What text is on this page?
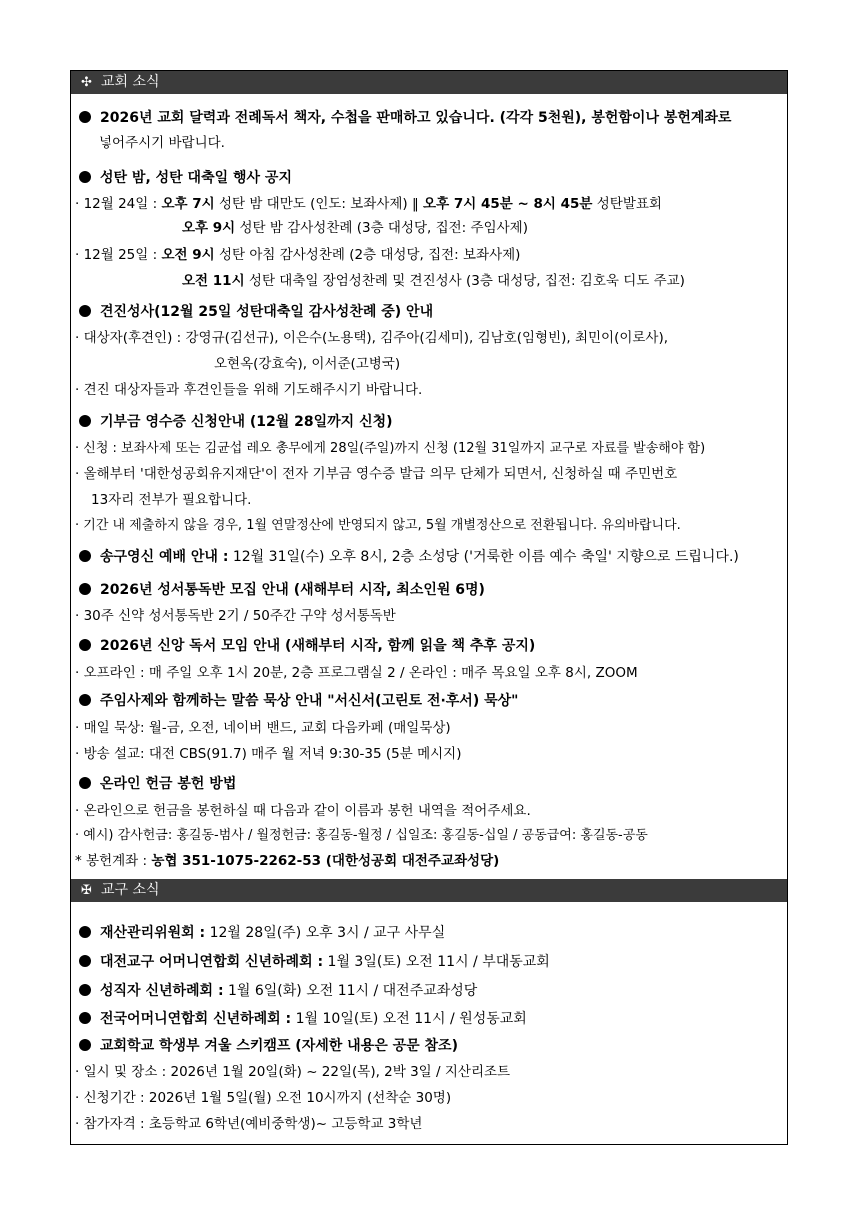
✣ 교회 소식
2026년 교회 달력과 전례독서 책자, 수첩을 판매하고 있습니다. (각각 5천원), 봉헌함이나 봉헌계좌로
넣어주시기 바랍니다.
성탄 밤, 성탄 대축일 행사 공지
· 12월 24일 : 오후 7시 성탄 밤 대만도 (인도: 보좌사제) ‖ 오후 7시 45분 ~ 8시 45분 성탄발표회
오후 9시 성탄 밤 감사성찬례 (3층 대성당, 집전: 주임사제)
· 12월 25일 : 오전 9시 성탄 아침 감사성찬례 (2층 대성당, 집전: 보좌사제)
오전 11시 성탄 대축일 장엄성찬례 및 견진성사 (3층 대성당, 집전: 김호욱 디도 주교)
견진성사(12월 25일 성탄대축일 감사성찬례 중) 안내
· 대상자(후견인) : 강영규(김선규), 이은수(노용택), 김주아(김세미), 김남호(임형빈), 최민이(이로사),
오현옥(강효숙), 이서준(고병국)
· 견진 대상자들과 후견인들을 위해 기도해주시기 바랍니다.
기부금 영수증 신청안내 (12월 28일까지 신청)
· 신청 : 보좌사제 또는 김균섭 레오 총무에게 28일(주일)까지 신청 (12월 31일까지 교구로 자료를 발송해야 함)
· 올해부터 '대한성공회유지재단'이 전자 기부금 영수증 발급 의무 단체가 되면서, 신청하실 때 주민번호
13자리 전부가 필요합니다.
· 기간 내 제출하지 않을 경우, 1월 연말정산에 반영되지 않고, 5월 개별정산으로 전환됩니다. 유의바랍니다.
송구영신 예배 안내 : 12월 31일(수) 오후 8시, 2층 소성당 ('거룩한 이름 예수 축일' 지향으로 드립니다.)
2026년 성서통독반 모집 안내 (새해부터 시작, 최소인원 6명)
· 30주 신약 성서통독반 2기 / 50주간 구약 성서통독반
2026년 신앙 독서 모임 안내 (새해부터 시작, 함께 읽을 책 추후 공지)
· 오프라인 : 매 주일 오후 1시 20분, 2층 프로그램실 2 / 온라인 : 매주 목요일 오후 8시, ZOOM
주임사제와 함께하는 말씀 묵상 안내 "서신서(고린토 전·후서) 묵상"
· 매일 묵상: 월-금, 오전, 네이버 밴드, 교회 다음카페 (매일묵상)
· 방송 설교: 대전 CBS(91.7) 매주 월 저녁 9:30-35 (5분 메시지)
온라인 헌금 봉헌 방법
· 온라인으로 헌금을 봉헌하실 때 다음과 같이 이름과 봉헌 내역을 적어주세요.
· 예시) 감사헌금: 홍길동-범사 / 월정헌금: 홍길동-월정 / 십일조: 홍길동-십일 / 공동급여: 홍길동-공동
* 봉헌계좌 : 농협 351-1075-2262-53 (대한성공회 대전주교좌성당)
✠ 교구 소식
재산관리위원회 : 12월 28일(주) 오후 3시 / 교구 사무실
대전교구 어머니연합회 신년하례회 : 1월 3일(토) 오전 11시 / 부대동교회
성직자 신년하례회 : 1월 6일(화) 오전 11시 / 대전주교좌성당
전국어머니연합회 신년하례회 : 1월 10일(토) 오전 11시 / 원성동교회
교회학교 학생부 겨울 스키캠프 (자세한 내용은 공문 참조)
· 일시 및 장소 : 2026년 1월 20일(화) ~ 22일(목), 2박 3일 / 지산리조트
· 신청기간 : 2026년 1월 5일(월) 오전 10시까지 (선착순 30명)
· 참가자격 : 초등학교 6학년(예비중학생)~ 고등학교 3학년
